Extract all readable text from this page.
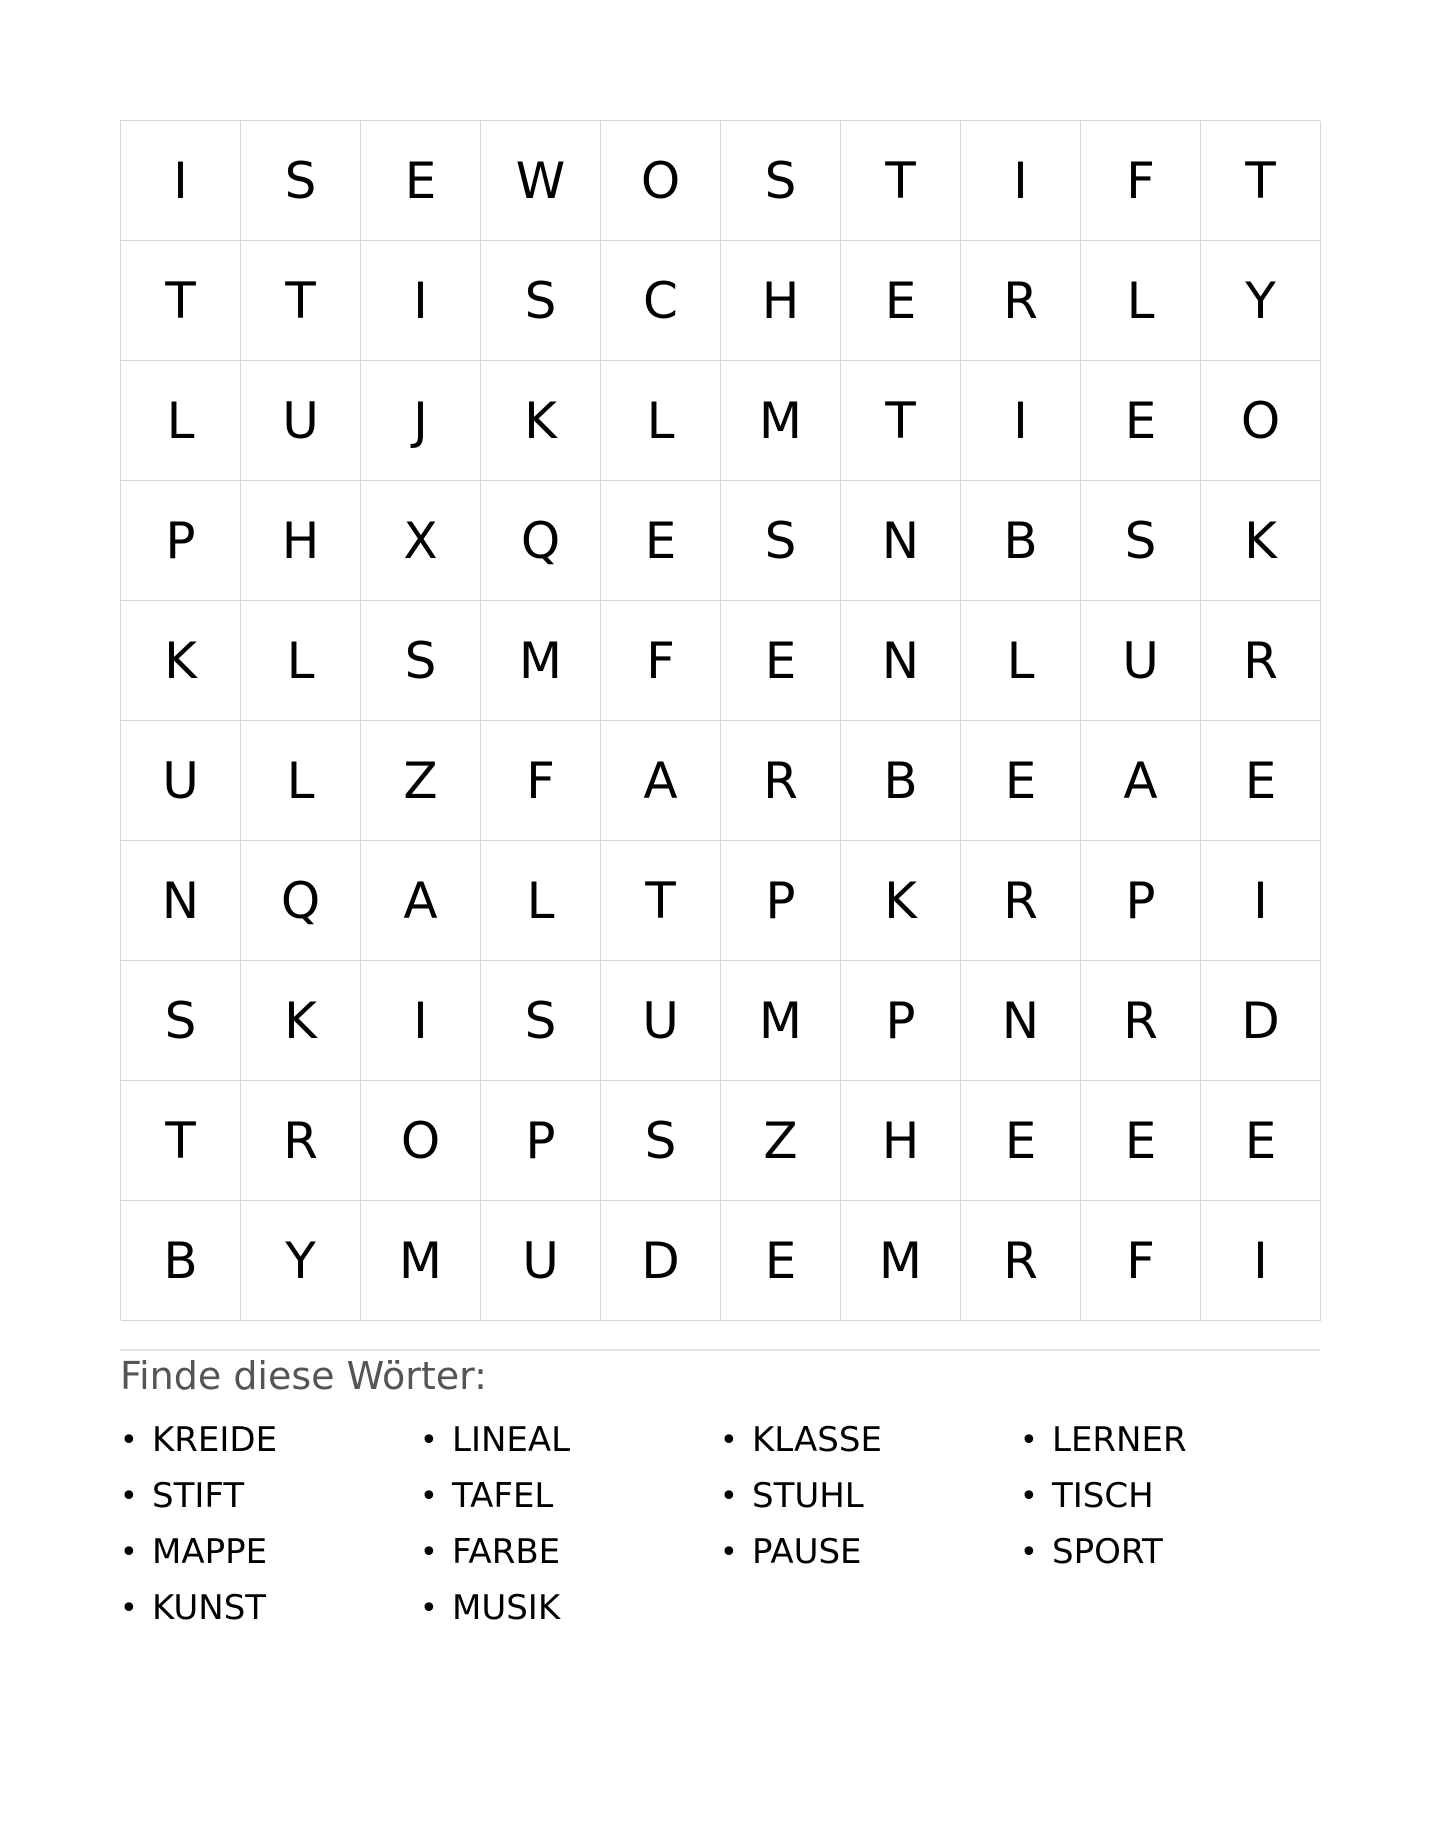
I	S	E	W	O	S	T	I	F	T
T	T	I	S	C	H	E	R	L	Y
L	U	J	K	L	M	T	I	E	O
P	H	X	Q	E	S	N	B	S	K
K	L	S	M	F	E	N	L	U	R
U	L	Z	F	A	R	B	E	A	E
N	Q	A	L	T	P	K	R	P	I
S	K	I	S	U	M	P	N	R	D
T	R	O	P	S	Z	H	E	E	E
B	Y	M	U	D	E	M	R	F	I
Finde diese Wörter:
• KREIDE	• LINEAL	• KLASSE	• LERNER
• STIFT	• TAFEL	• STUHL	• TISCH
• MAPPE	• FARBE	• PAUSE	• SPORT
• KUNST	• MUSIK
